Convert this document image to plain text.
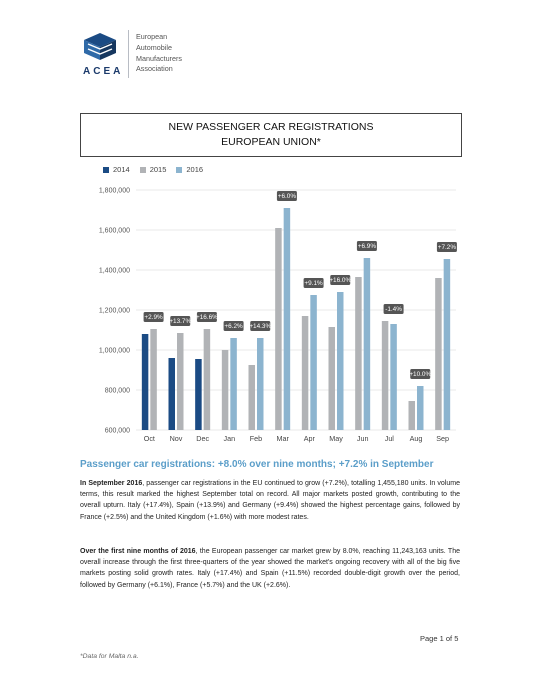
ACEA
European
Automobile
Manufacturers
Association
NEW PASSENGER CAR REGISTRATIONS
EUROPEAN UNION*
2014	2015	2016
600,000
800,000
1,000,000
1,200,000
1,400,000
1,600,000
1,800,000
Oct
+2.9%
Nov
+13.7%
Dec
+16.6%
Jan
+6.2%
Feb
+14.3%
Mar
+6.0%
Apr
+9.1%
May
+16.0%
Jun
+6.9%
Jul
-1.4%
Aug
+10.0%
Sep
+7.2%
Passenger car registrations: +8.0% over nine months; +7.2% in September
In September 2016, passenger car registrations in the EU continued to grow (+7.2%), totalling 1,455,180 units. In volume terms, this result marked the highest September total on record. All major markets posted growth, contributing to the overall upturn. Italy (+17.4%), Spain (+13.9%) and Germany (+9.4%) showed the highest percentage gains, followed by France (+2.5%) and the United Kingdom (+1.6%) with more modest rates.
Over the first nine months of 2016, the European passenger car market grew by 8.0%, reaching 11,243,163 units. The overall increase through the first three-quarters of the year showed the market's ongoing recovery with all of the big five markets posting solid growth rates. Italy (+17.4%) and Spain (+11.5%) recorded double-digit growth over the period, followed by Germany (+6.1%), France (+5.7%) and the UK (+2.6%).
Page 1 of 5
*Data for Malta n.a.
